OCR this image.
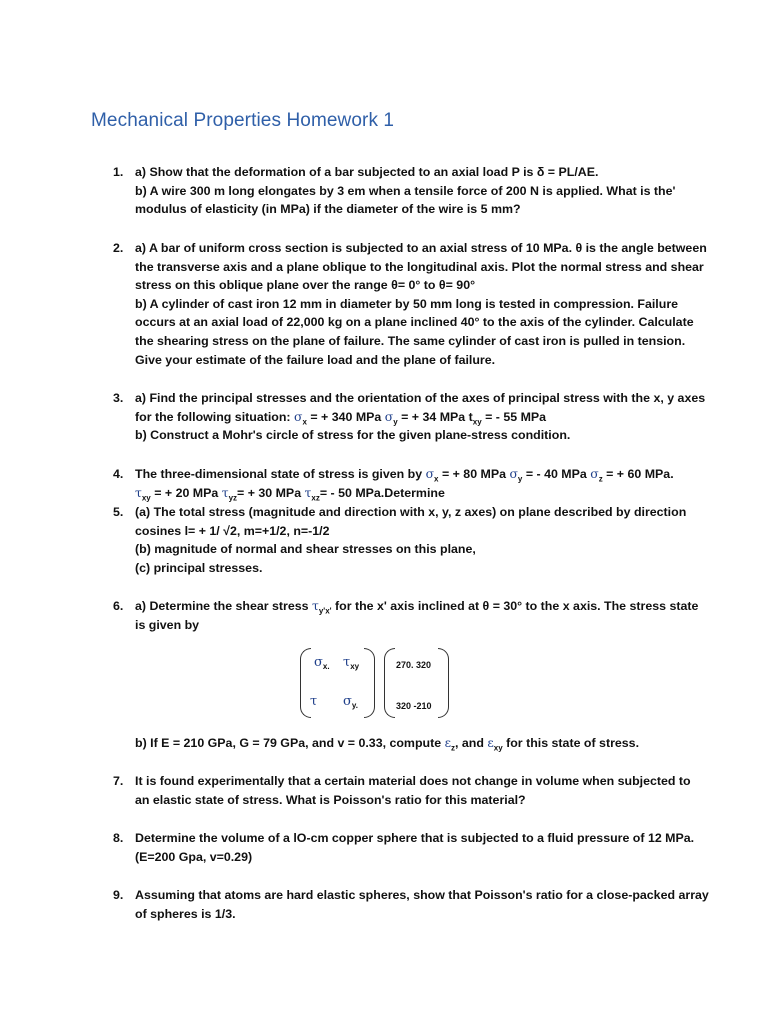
Mechanical Properties Homework 1
1. a) Show that the deformation of a bar subjected to an axial load P is δ = PL/AE.
b) A wire 300 m long elongates by 3 em when a tensile force of 200 N is applied. What is the'
modulus of elasticity (in MPa) if the diameter of the wire is 5 mm?
2. a) A bar of uniform cross section is subjected to an axial stress of 10 MPa. θ is the angle between
the transverse axis and a plane oblique to the longitudinal axis. Plot the normal stress and shear
stress on this oblique plane over the range θ= 0° to θ= 90°
b) A cylinder of cast iron 12 mm in diameter by 50 mm long is tested in compression. Failure
occurs at an axial load of 22,000 kg on a plane inclined 40° to the axis of the cylinder. Calculate
the shearing stress on the plane of failure. The same cylinder of cast iron is pulled in tension.
Give your estimate of the failure load and the plane of failure.
3. a) Find the principal stresses and the orientation of the axes of principal stress with the x, y axes
for the following situation: $\sigma_x$ = + 340 MPa $\sigma_y$ = + 34 MPa $t_{xy}$ = - 55 MPa
b) Construct a Mohr's circle of stress for the given plane-stress condition.
4. The three-dimensional state of stress is given by $\sigma_x$ = + 80 MPa $\sigma_y$ = - 40 MPa $\sigma_z$ = + 60 MPa.
$\tau_{xy}$ = + 20 MPa $\tau_{yz}= + 30$ MPa $\tau_{xz}= - 50$ MPa.Determine
5. (a) The total stress (magnitude and direction with x, y, z axes) on plane described by direction
cosines l= + 1/ √2, m=+1/2, n=-1/2
(b) magnitude of normal and shear stresses on this plane,
(c) principal stresses.
6. a) Determine the shear stress $\tau_{y'x'}$ for the x' axis inclined at θ = 30° to the x axis. The stress state
is given by
$\sigma_{x.}$ $\tau_{xy}$
τ $\sigma_{y.}$
270. 320
320 -210
b) If E = 210 GPa, G = 79 GPa, and v = 0.33, compute $\varepsilon_z$, and $\varepsilon_{xy}$ for this state of stress.
7. It is found experimentally that a certain material does not change in volume when subjected to
an elastic state of stress. What is Poisson's ratio for this material?
8. Determine the volume of a lO-cm copper sphere that is subjected to a fluid pressure of 12 MPa.
(E=200 Gpa, v=0.29)
9. Assuming that atoms are hard elastic spheres, show that Poisson's ratio for a close-packed array
of spheres is 1/3.
